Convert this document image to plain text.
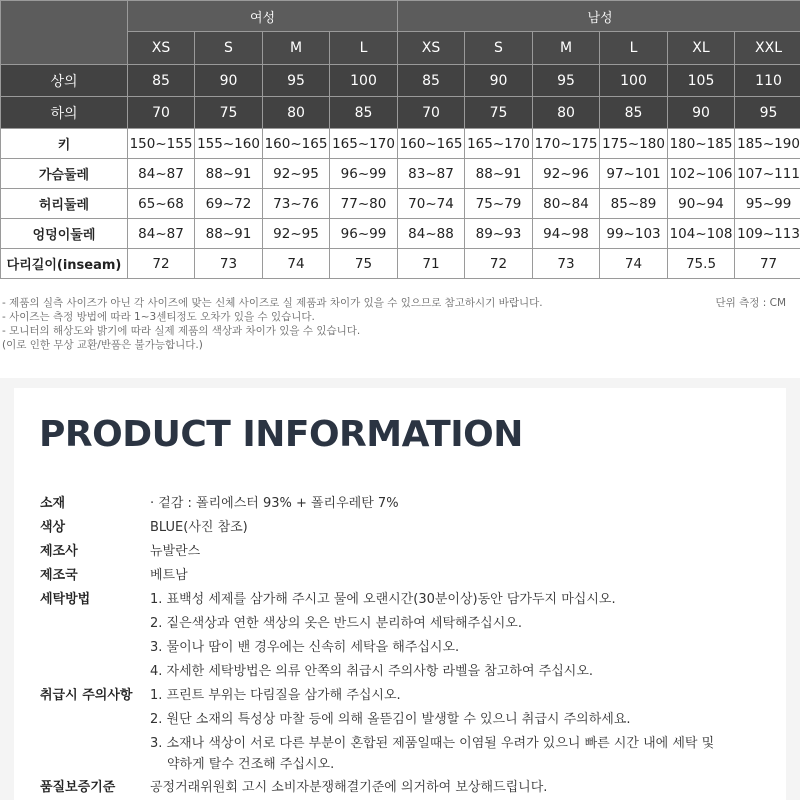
	여성				남성					
	XS	S	M	L	XS	S	M	L	XL	XXL
상의	85	90	95	100	85	90	95	100	105	110
하의	70	75	80	85	70	75	80	85	90	95
키	150~155	155~160	160~165	165~170	160~165	165~170	170~175	175~180	180~185	185~190
가슴둘레	84~87	88~91	92~95	96~99	83~87	88~91	92~96	97~101	102~106	107~111
허리둘레	65~68	69~72	73~76	77~80	70~74	75~79	80~84	85~89	90~94	95~99
엉덩이둘레	84~87	88~91	92~95	96~99	84~88	89~93	94~98	99~103	104~108	109~113
다리길이(inseam)	72	73	74	75	71	72	73	74	75.5	77
- 제품의 실측 사이즈가 아닌 각 사이즈에 맞는 신체 사이즈로 실 제품과 차이가 있을 수 있으므로 참고하시기 바랍니다.	단위 측정 : CM
- 사이즈는 측정 방법에 따라 1~3센티정도 오차가 있을 수 있습니다.
- 모니터의 해상도와 밝기에 따라 실제 제품의 색상과 차이가 있을 수 있습니다.
(이로 인한 무상 교환/반품은 불가능합니다.)
PRODUCT INFORMATION
소재	· 겉감 : 폴리에스터 93% + 폴리우레탄 7%
색상	BLUE(사진 참조)
제조사	뉴발란스
제조국	베트남
세탁방법	1. 표백성 세제를 삼가해 주시고 물에 오랜시간(30분이상)동안 담가두지 마십시오.
2. 짙은색상과 연한 색상의 옷은 반드시 분리하여 세탁해주십시오.
3. 물이나 땀이 밴 경우에는 신속히 세탁을 해주십시오.
4. 자세한 세탁방법은 의류 안쪽의 취급시 주의사항 라벨을 참고하여 주십시오.
취급시 주의사항 1. 프린트 부위는 다림질을 삼가해 주십시오.
2. 원단 소재의 특성상 마찰 등에 의해 올뜯김이 발생할 수 있으니 취급시 주의하세요.
3. 소재나 색상이 서로 다른 부분이 혼합된 제품일때는 이염될 우려가 있으니 빠른 시간 내에 세탁 및
약하게 탈수 건조해 주십시오.
품질보증기준	공정거래위원회 고시 소비자분쟁해결기준에 의거하여 보상해드립니다.
